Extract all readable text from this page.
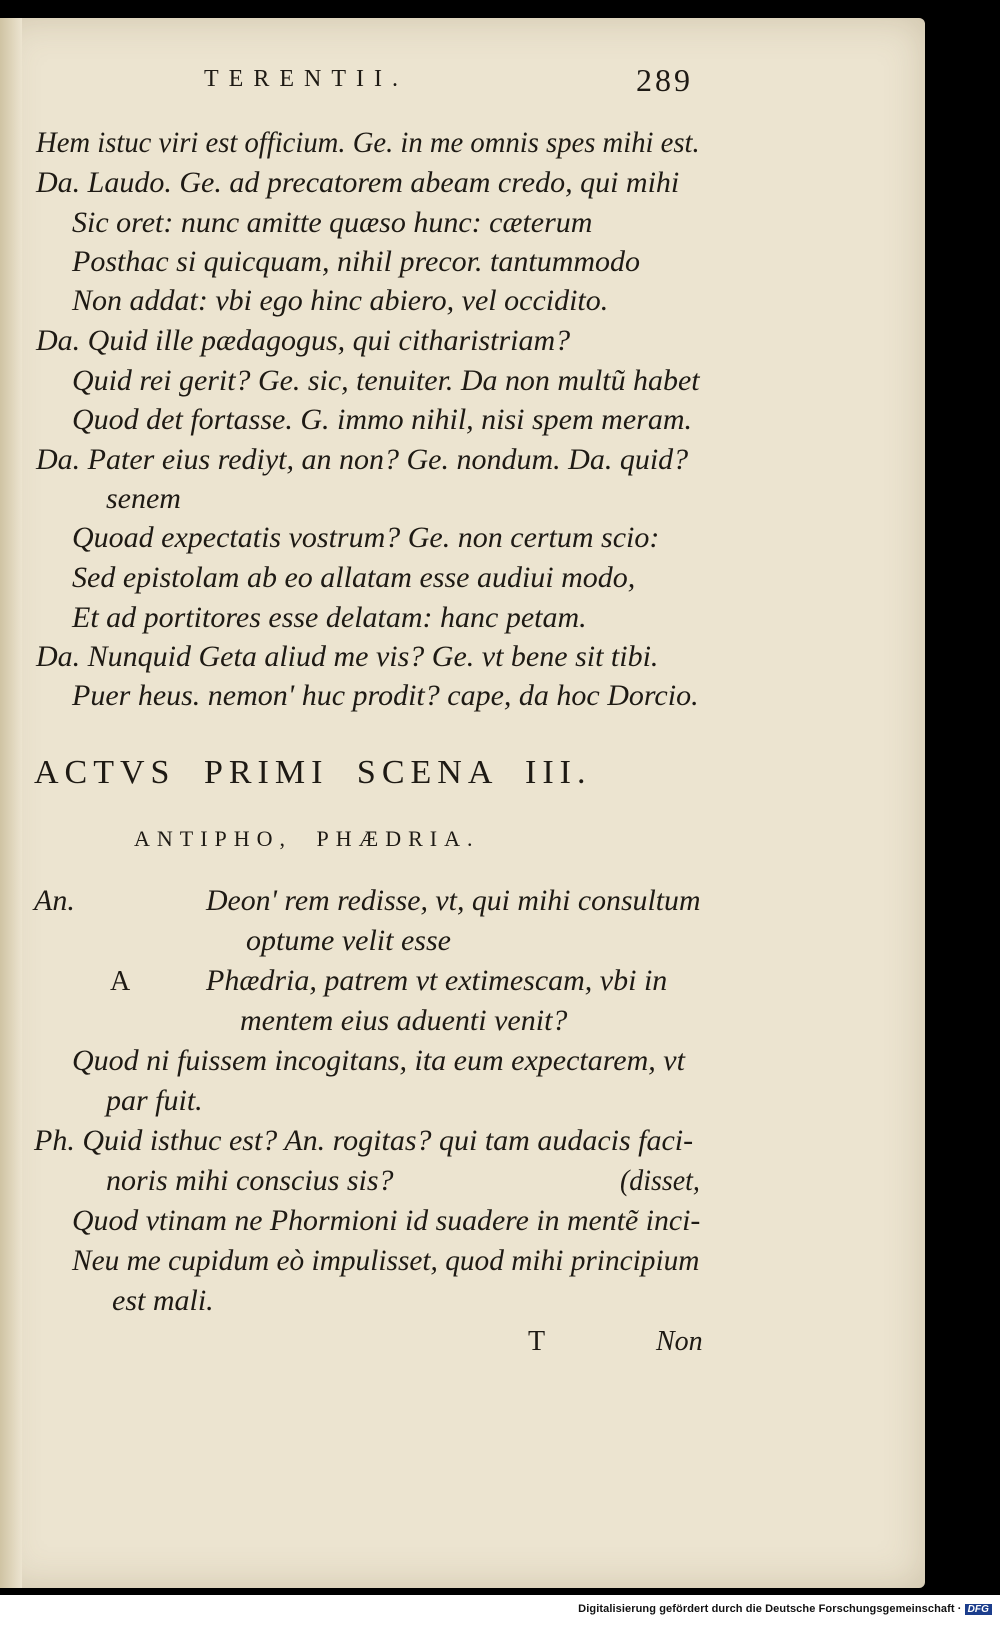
TERENTII.	289
Hem istuc viri est officium. Ge. in me omnis spes mihi est.
Da. Laudo. Ge. ad precatorem abeam credo, qui mihi
Sic oret: nunc amitte quæso hunc: cæterum
Posthac si quicquam, nihil precor. tantummodo
Non addat: vbi ego hinc abiero, vel occidito.
Da. Quid ille pædagogus, qui citharistriam?
Quid rei gerit? Ge. sic, tenuiter. Da non multũ habet
Quod det fortasse. G. immo nihil, nisi spem meram.
Da. Pater eius rediyt, an non? Ge. nondum. Da. quid?
senem
Quoad expectatis vostrum? Ge. non certum scio:
Sed epistolam ab eo allatam esse audiui modo,
Et ad portitores esse delatam: hanc petam.
Da. Nunquid Geta aliud me vis? Ge. vt bene sit tibi.
Puer heus. nemon' huc prodit? cape, da hoc Dorcio.
ACTVS PRIMI SCENA III.
ANTIPHO, PHÆDRIA.
An.	Deon' rem redisse, vt, qui mihi consultum
optume velit esse
A	Phædria, patrem vt extimescam, vbi in
mentem eius aduenti venit?
Quod ni fuissem incogitans, ita eum expectarem, vt
par fuit.
Ph. Quid isthuc est? An. rogitas? qui tam audacis faci-
noris mihi conscius sis?	(disset,
Quod vtinam ne Phormioni id suadere in mentẽ inci-
Neu me cupidum eò impulisset, quod mihi principium
est mali.
T	Non
Digitalisierung gefördert durch die Deutsche Forschungsgemeinschaft · DFG
